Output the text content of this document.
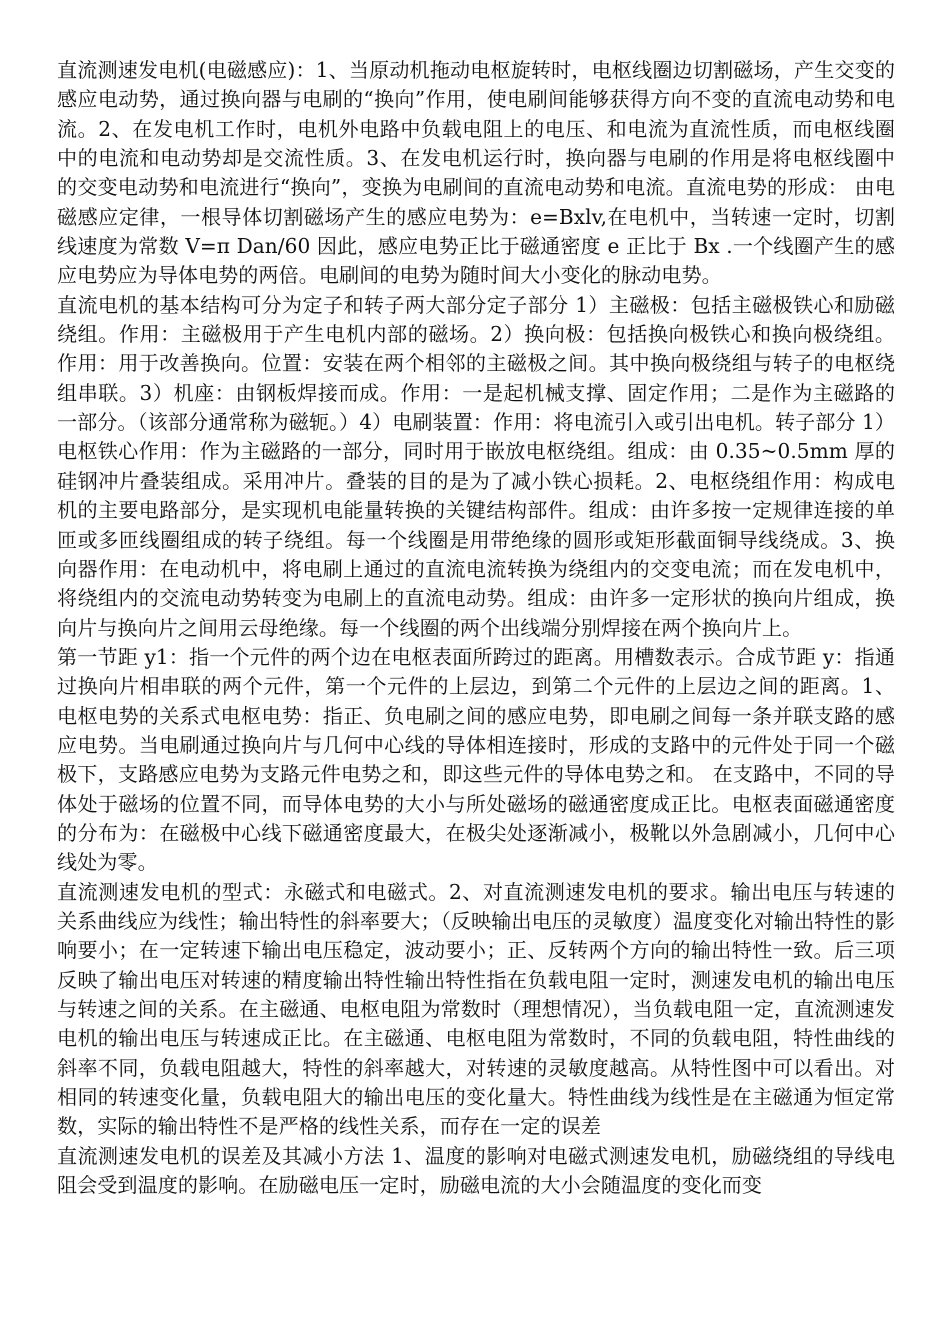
直流测速发电机(电磁感应)：1、当原动机拖动电枢旋转时，电枢线圈边切割磁场，产生交变的感应电动势，通过换向器与电刷的“换向”作用，使电刷间能够获得方向不变的直流电动势和电流。2、在发电机工作时，电机外电路中负载电阻上的电压、和电流为直流性质，而电枢线圈中的电流和电动势却是交流性质。3、在发电机运行时，换向器与电刷的作用是将电枢线圈中的交变电动势和电流进行“换向”，变换为电刷间的直流电动势和电流。直流电势的形成： 由电磁感应定律，一根导体切割磁场产生的感应电势为：e=Bxlv,在电机中，当转速一定时，切割线速度为常数 V=π Dan/60 因此，感应电势正比于磁通密度 e 正比于 Bx .一个线圈产生的感应电势应为导体电势的两倍。电刷间的电势为随时间大小变化的脉动电势。

直流电机的基本结构可分为定子和转子两大部分定子部分 1）主磁极：包括主磁极铁心和励磁绕组。作用：主磁极用于产生电机内部的磁场。2）换向极：包括换向极铁心和换向极绕组。作用：用于改善换向。位置：安装在两个相邻的主磁极之间。其中换向极绕组与转子的电枢绕组串联。3）机座：由钢板焊接而成。作用：一是起机械支撑、固定作用；二是作为主磁路的一部分。（该部分通常称为磁轭。）4）电刷装置：作用：将电流引入或引出电机。转子部分 1）电枢铁心作用：作为主磁路的一部分，同时用于嵌放电枢绕组。组成：由 0.35~0.5mm 厚的硅钢冲片叠装组成。采用冲片。叠装的目的是为了减小铁心损耗。2、电枢绕组作用：构成电机的主要电路部分，是实现机电能量转换的关键结构部件。组成：由许多按一定规律连接的单匝或多匝线圈组成的转子绕组。每一个线圈是用带绝缘的圆形或矩形截面铜导线绕成。3、换向器作用：在电动机中，将电刷上通过的直流电流转换为绕组内的交变电流；而在发电机中，将绕组内的交流电动势转变为电刷上的直流电动势。组成：由许多一定形状的换向片组成，换向片与换向片之间用云母绝缘。每一个线圈的两个出线端分别焊接在两个换向片上。

第一节距 y1：指一个元件的两个边在电枢表面所跨过的距离。用槽数表示。合成节距 y：指通过换向片相串联的两个元件，第一个元件的上层边，到第二个元件的上层边之间的距离。1、电枢电势的关系式电枢电势：指正、负电刷之间的感应电势，即电刷之间每一条并联支路的感应电势。当电刷通过换向片与几何中心线的导体相连接时，形成的支路中的元件处于同一个磁极下，支路感应电势为支路元件电势之和，即这些元件的导体电势之和。 在支路中，不同的导体处于磁场的位置不同，而导体电势的大小与所处磁场的磁通密度成正比。电枢表面磁通密度的分布为：在磁极中心线下磁通密度最大，在极尖处逐渐减小，极靴以外急剧减小，几何中心线处为零。

直流测速发电机的型式：永磁式和电磁式。2、对直流测速发电机的要求。输出电压与转速的关系曲线应为线性；输出特性的斜率要大；（反映输出电压的灵敏度）温度变化对输出特性的影响要小；在一定转速下输出电压稳定，波动要小；正、反转两个方向的输出特性一致。后三项反映了输出电压对转速的精度输出特性输出特性指在负载电阻一定时，测速发电机的输出电压与转速之间的关系。在主磁通、电枢电阻为常数时（理想情况），当负载电阻一定，直流测速发电机的输出电压与转速成正比。在主磁通、电枢电阻为常数时，不同的负载电阻，特性曲线的斜率不同，负载电阻越大，特性的斜率越大，对转速的灵敏度越高。从特性图中可以看出。对相同的转速变化量，负载电阻大的输出电压的变化量大。特性曲线为线性是在主磁通为恒定常数，实际的输出特性不是严格的线性关系，而存在一定的误差

直流测速发电机的误差及其减小方法 1、温度的影响对电磁式测速发电机，励磁绕组的导线电阻会受到温度的影响。在励磁电压一定时，励磁电流的大小会随温度的变化而变
